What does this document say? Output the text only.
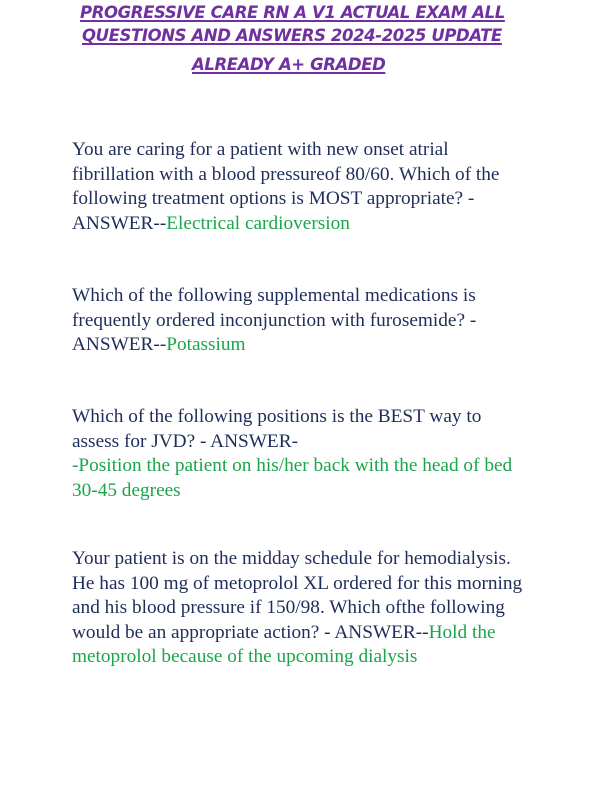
PROGRESSIVE CARE RN A V1 ACTUAL EXAM ALL
QUESTIONS AND ANSWERS 2024-2025 UPDATE
ALREADY A+ GRADED
You are caring for a patient with new onset atrial
fibrillation with a blood pressureof 80/60. Which of the
following treatment options is MOST appropriate? -
ANSWER--Electrical cardioversion
Which of the following supplemental medications is
frequently ordered inconjunction with furosemide? -
ANSWER--Potassium
Which of the following positions is the BEST way to
assess for JVD? - ANSWER-
-Position the patient on his/her back with the head of bed
30-45 degrees
Your patient is on the midday schedule for hemodialysis.
He has 100 mg of metoprolol XL ordered for this morning
and his blood pressure if 150/98. Which ofthe following
would be an appropriate action? - ANSWER--Hold the
metoprolol because of the upcoming dialysis
